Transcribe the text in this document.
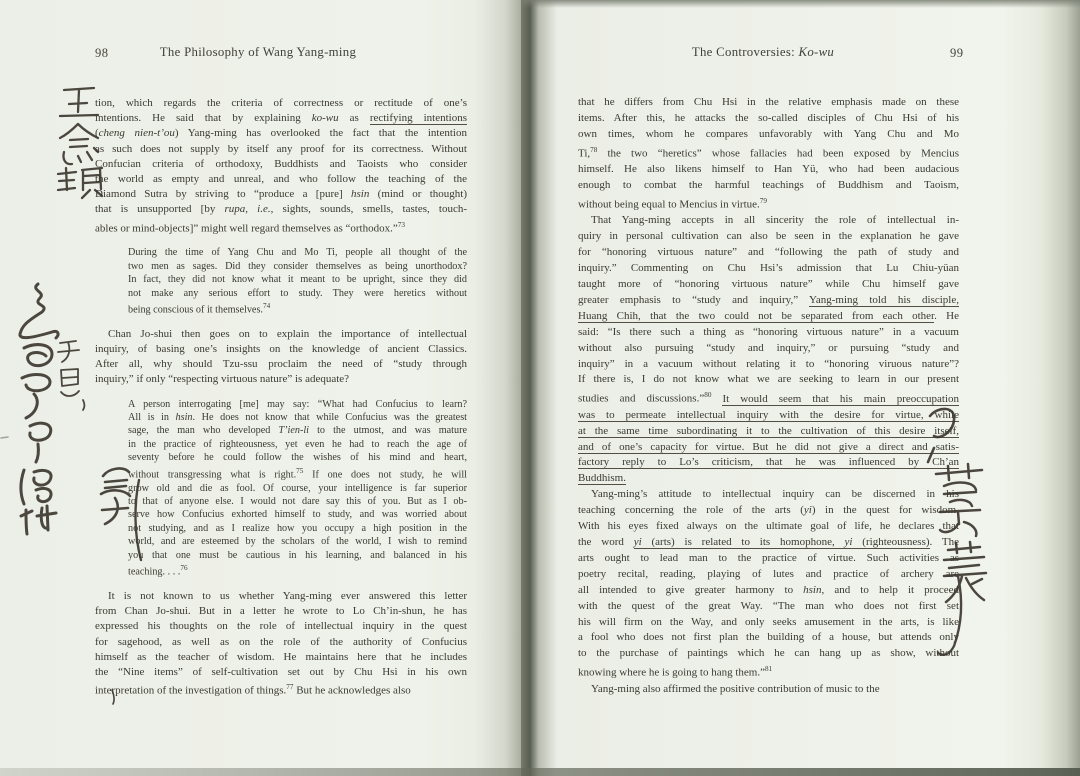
98	The Philosophy of Wang Yang-ming
tion, which regards the criteria of correctness or rectitude of one’s
intentions. He said that by explaining ko-wu as rectifying intentions
(cheng nien-t’ou) Yang-ming has overlooked the fact that the intention
as such does not supply by itself any proof for its correctness. Without
Confucian criteria of orthodoxy, Buddhists and Taoists who consider
the world as empty and unreal, and who follow the teaching of the
Diamond Sutra by striving to “produce a [pure] hsin (mind or thought)
that is unsupported [by rupa, i.e., sights, sounds, smells, tastes, touch-
ables or mind-objects]” might well regard themselves as “orthodox.”$^{73}$
During the time of Yang Chu and Mo Ti, people all thought of the
two men as sages. Did they consider themselves as being unorthodox?
In fact, they did not know what it meant to be upright, since they did
not make any serious effort to study. They were heretics without
being conscious of it themselves.$^{74}$
Chan Jo-shui then goes on to explain the importance of intellectual
inquiry, of basing one’s insights on the knowledge of ancient Classics.
After all, why should Tzu-ssu proclaim the need of “study through
inquiry,” if only “respecting virtuous nature” is adequate?
A person interrogating [me] may say: “What had Confucius to learn?
All is in hsin. He does not know that while Confucius was the greatest
sage, the man who developed T’ien-li to the utmost, and was mature
in the practice of righteousness, yet even he had to reach the age of
seventy before he could follow the wishes of his mind and heart,
without transgressing what is right.$^{75}$ If one does not study, he will
grow old and die as fool. Of course, your intelligence is far superior
to that of anyone else. I would not dare say this of you. But as I ob-
serve how Confucius exhorted himself to study, and was worried about
not studying, and as I realize how you occupy a high position in the
world, and are esteemed by the scholars of the world, I wish to remind
you that one must be cautious in his learning, and balanced in his
teaching. . . .$^{76}$
It is not known to us whether Yang-ming ever answered this letter
from Chan Jo-shui. But in a letter he wrote to Lo Ch’in-shun, he has
expressed his thoughts on the role of intellectual inquiry in the quest
for sagehood, as well as on the role of the authority of Confucius
himself as the teacher of wisdom. He maintains here that he includes
the “Nine items” of self-cultivation set out by Chu Hsi in his own
interpretation of the investigation of things.$^{77}$ But he acknowledges also
The Controversies: Ko-wu	99
that he differs from Chu Hsi in the relative emphasis made on these
items. After this, he attacks the so-called disciples of Chu Hsi of his
own times, whom he compares unfavorably with Yang Chu and Mo
Ti,$^{78}$ the two “heretics” whose fallacies had been exposed by Mencius
himself. He also likens himself to Han Yü, who had been audacious
enough to combat the harmful teachings of Buddhism and Taoism,
without being equal to Mencius in virtue.$^{79}$
That Yang-ming accepts in all sincerity the role of intellectual in-
quiry in personal cultivation can also be seen in the explanation he gave
for “honoring virtuous nature” and “following the path of study and
inquiry.” Commenting on Chu Hsi’s admission that Lu Chiu-yüan
taught more of “honoring virtuous nature” while Chu himself gave
greater emphasis to “study and inquiry,” Yang-ming told his disciple,
Huang Chih, that the two could not be separated from each other. He
said: “Is there such a thing as “honoring virtuous nature” in a vacuum
without also pursuing “study and inquiry,” or pursuing “study and
inquiry” in a vacuum without relating it to “honoring viruous nature”?
If there is, I do not know what we are seeking to learn in our present
studies and discussions.”$^{80}$ It would seem that his main preoccupation
was to permeate intellectual inquiry with the desire for virtue, while
at the same time subordinating it to the cultivation of this desire itself,
and of one’s capacity for virtue. But he did not give a direct and satis-
factory reply to Lo’s criticism, that he was influenced by Ch’an
Buddhism.
Yang-ming’s attitude to intellectual inquiry can be discerned in his
teaching concerning the role of the arts (yi) in the quest for wisdom.
With his eyes fixed always on the ultimate goal of life, he declares that
the word yi (arts) is related to its homophone, yi (righteousness). The
arts ought to lead man to the practice of virtue. Such activities as
poetry recital, reading, playing of lutes and practice of archery are
all intended to give greater harmony to hsin, and to help it proceed
with the quest of the great Way. “The man who does not first set
his will firm on the Way, and only seeks amusement in the arts, is like
a fool who does not first plan the building of a house, but attends only
to the purchase of paintings which he can hang up as show, without
knowing where he is going to hang them.”$^{81}$
Yang-ming also affirmed the positive contribution of music to the
